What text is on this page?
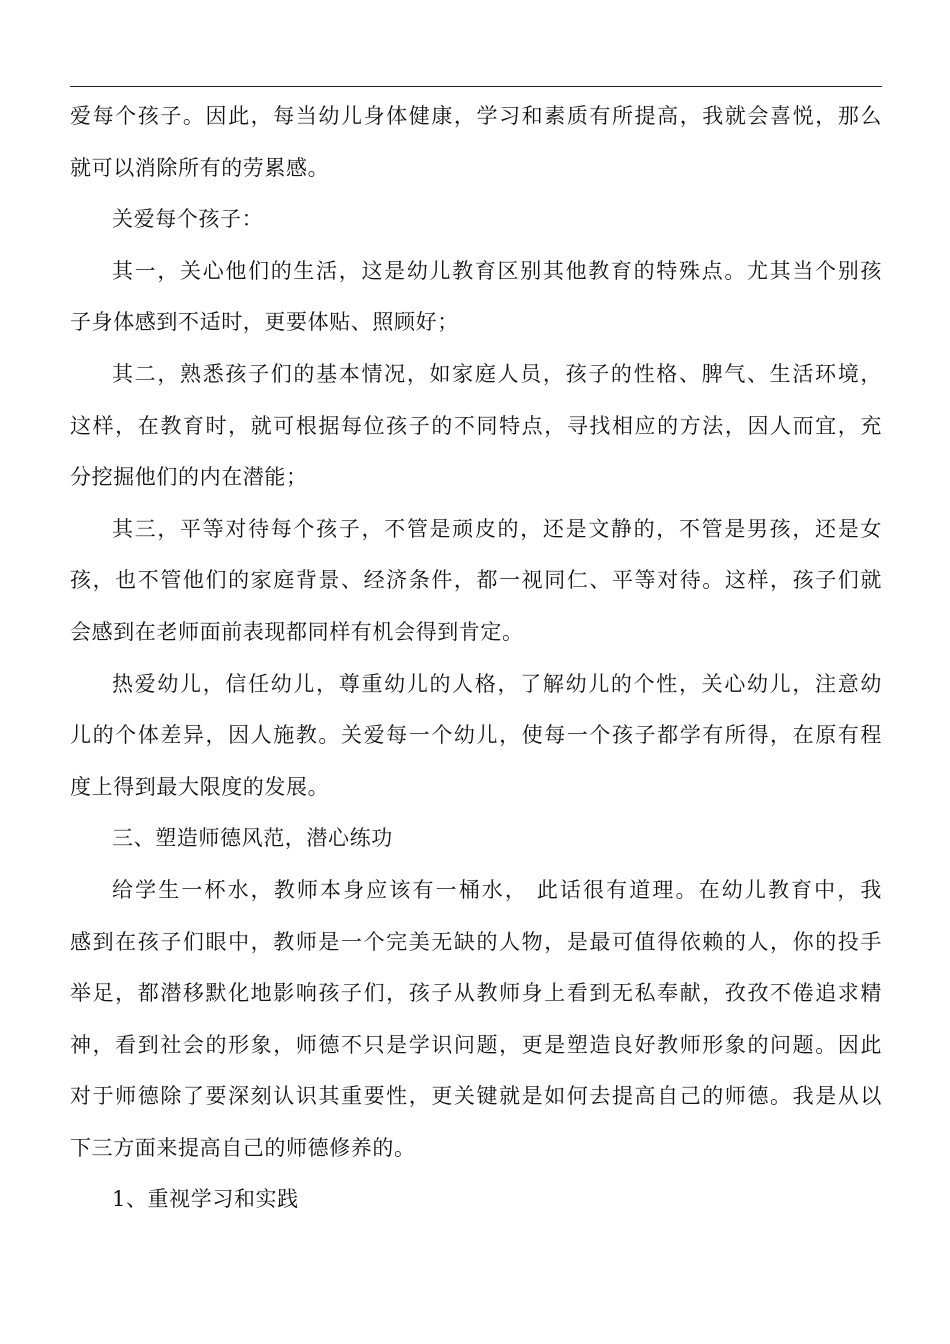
爱每个孩子。因此，每当幼儿身体健康，学习和素质有所提高，我就会喜悦，那么
就可以消除所有的劳累感。
关爱每个孩子：
其一，关心他们的生活，这是幼儿教育区别其他教育的特殊点。尤其当个别孩
子身体感到不适时，更要体贴、照顾好；
其二，熟悉孩子们的基本情况，如家庭人员，孩子的性格、脾气、生活环境，
这样，在教育时，就可根据每位孩子的不同特点，寻找相应的方法，因人而宜，充
分挖掘他们的内在潜能；
其三，平等对待每个孩子，不管是顽皮的，还是文静的，不管是男孩，还是女
孩，也不管他们的家庭背景、经济条件，都一视同仁、平等对待。这样，孩子们就
会感到在老师面前表现都同样有机会得到肯定。
热爱幼儿，信任幼儿，尊重幼儿的人格，了解幼儿的个性，关心幼儿，注意幼
儿的个体差异，因人施教。关爱每一个幼儿，使每一个孩子都学有所得，在原有程
度上得到最大限度的发展。
三、塑造师德风范，潜心练功
给学生一杯水，教师本身应该有一桶水， 此话很有道理。在幼儿教育中，我
感到在孩子们眼中，教师是一个完美无缺的人物，是最可值得依赖的人，你的投手
举足，都潜移默化地影响孩子们，孩子从教师身上看到无私奉献，孜孜不倦追求精
神，看到社会的形象，师德不只是学识问题，更是塑造良好教师形象的问题。因此
对于师德除了要深刻认识其重要性，更关键就是如何去提高自己的师德。我是从以
下三方面来提高自己的师德修养的。
1、重视学习和实践
